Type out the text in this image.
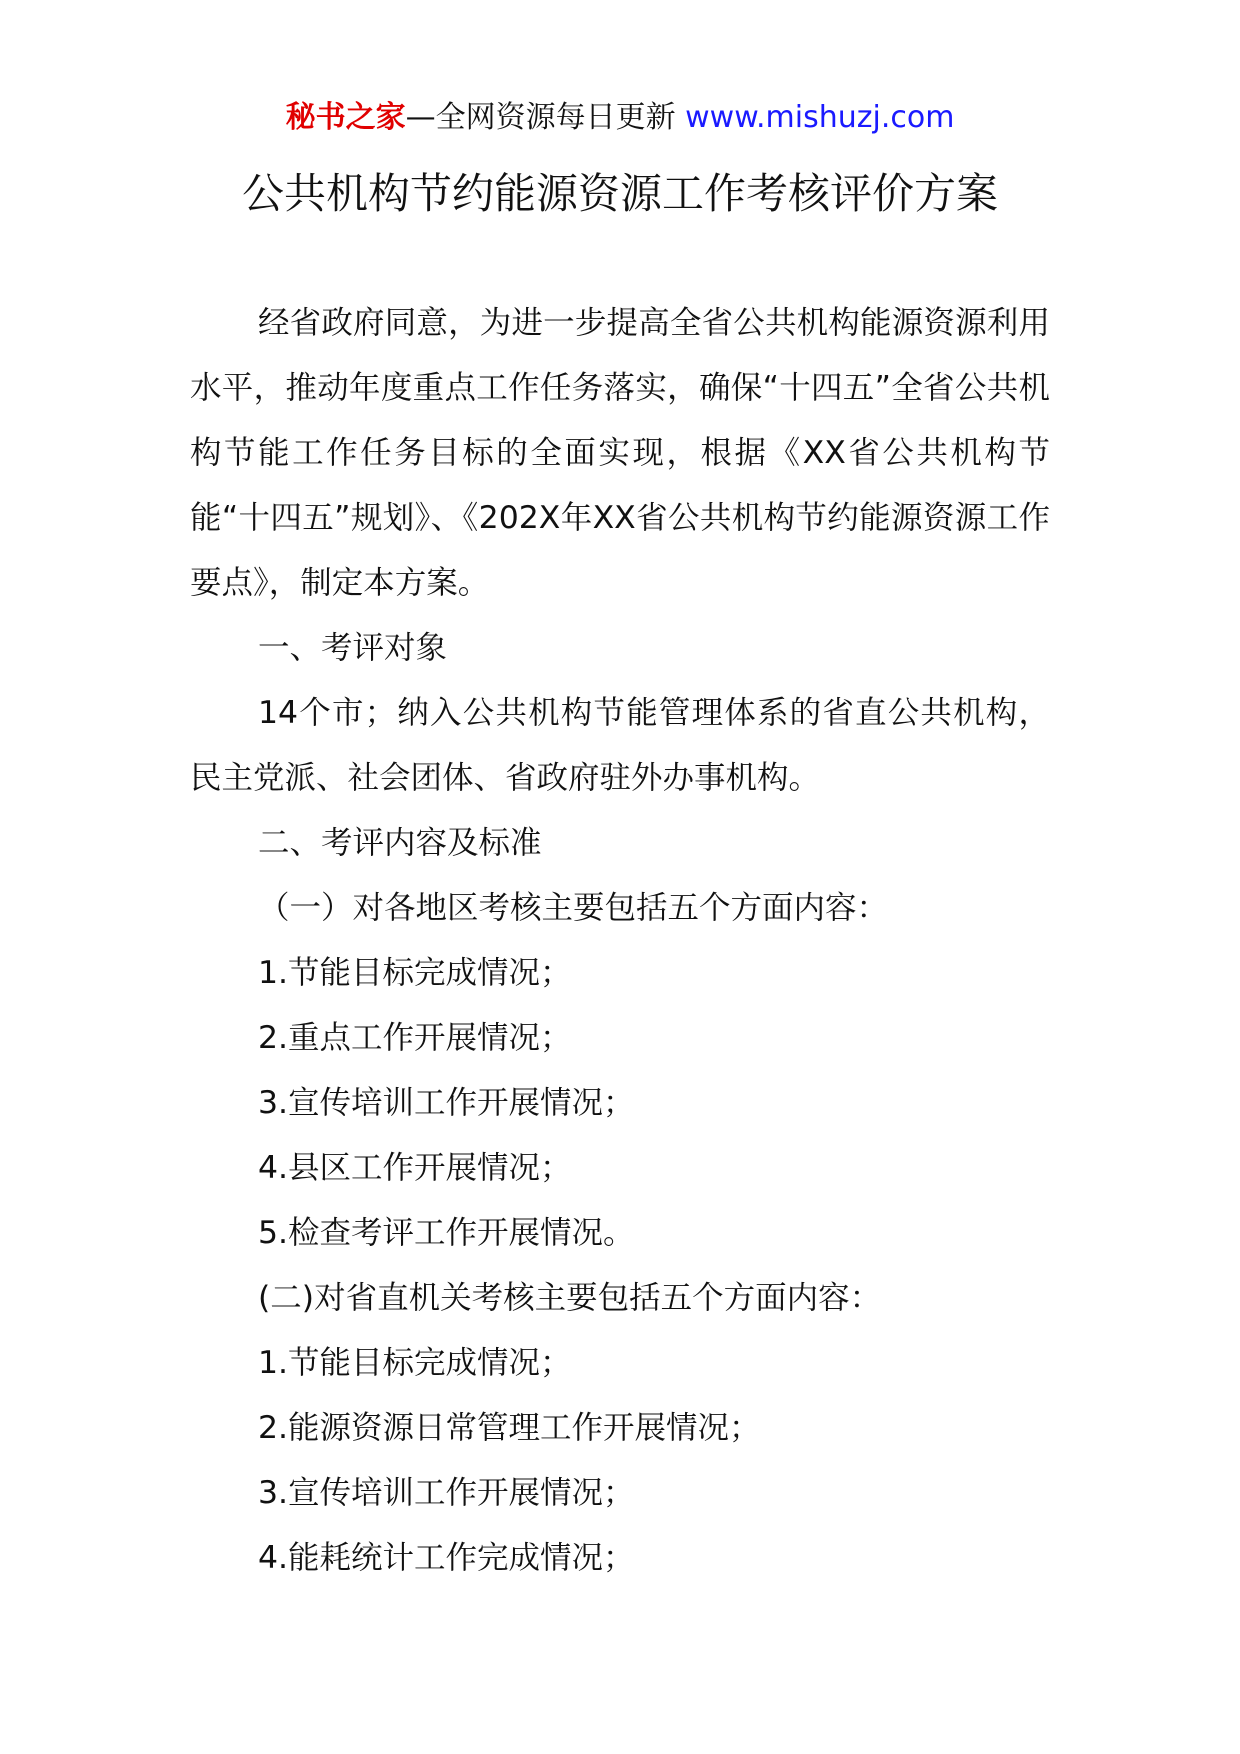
秘书之家—全网资源每日更新 www.mishuzj.com
公共机构节约能源资源工作考核评价方案

经省政府同意，为进一步提高全省公共机构能源资源利用水平，推动年度重点工作任务落实，确保“十四五”全省公共机构节能工作任务目标的全面实现，根据《XX省公共机构节能“十四五”规划》、《202X年XX省公共机构节约能源资源工作要点》，制定本方案。

一、考评对象

14个市；纳入公共机构节能管理体系的省直公共机构，民主党派、社会团体、省政府驻外办事机构。

二、考评内容及标准

（一）对各地区考核主要包括五个方面内容：

1.节能目标完成情况；

2.重点工作开展情况；

3.宣传培训工作开展情况；

4.县区工作开展情况；

5.检查考评工作开展情况。

(二)对省直机关考核主要包括五个方面内容：

1.节能目标完成情况；

2.能源资源日常管理工作开展情况；

3.宣传培训工作开展情况；

4.能耗统计工作完成情况；
